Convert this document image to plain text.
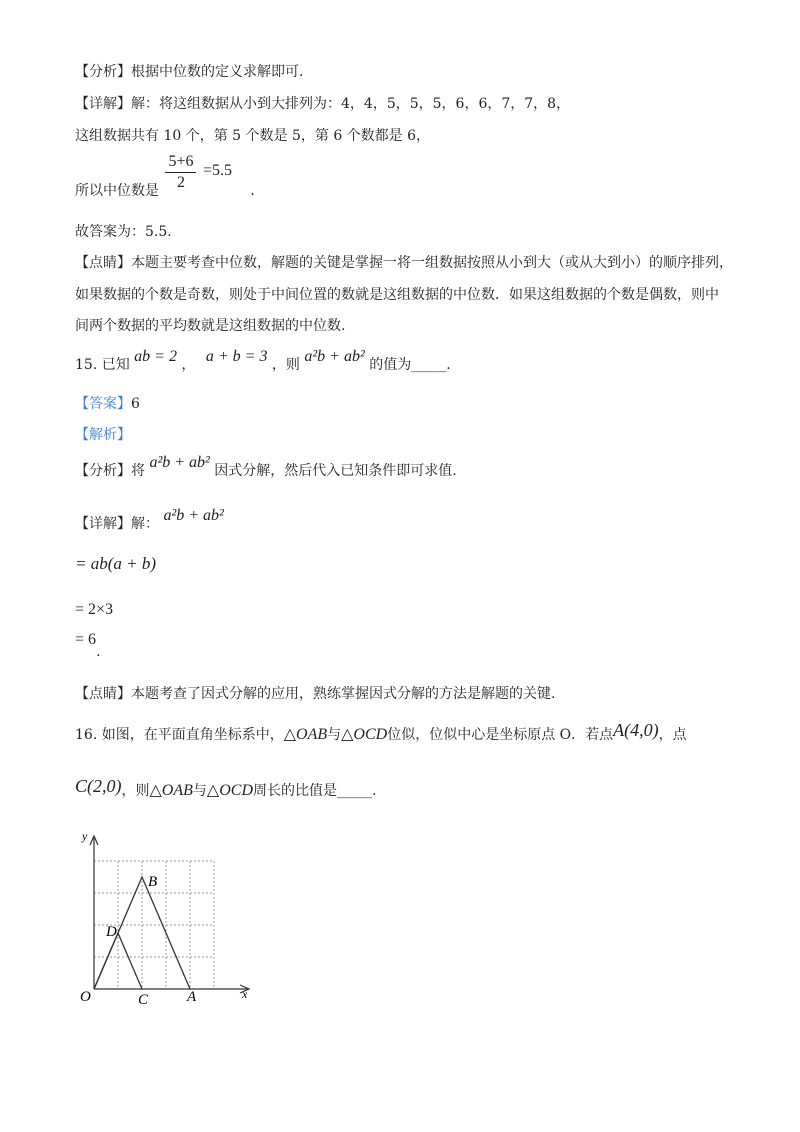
【分析】根据中位数的定义求解即可.
【详解】解：将这组数据从小到大排列为：4，4，5，5，5，6，6，7，7，8，
这组数据共有 10 个，第 5 个数是 5，第 6 个数都是 6，
所以中位数是 $\frac{5+6}{2} =5.5$ .
故答案为：5.5.
【点睛】本题主要考查中位数，解题的关键是掌握一将一组数据按照从小到大（或从大到小）的顺序排列，
如果数据的个数是奇数，则处于中间位置的数就是这组数据的中位数．如果这组数据的个数是偶数，则中
间两个数据的平均数就是这组数据的中位数.
15. 已知 ab = 2 ， a + b = 3 ，则 a²b + ab² 的值为_____.
【答案】6
【解析】
【分析】将 a²b + ab² 因式分解，然后代入已知条件即可求值.
【详解】解： a²b + ab²
= ab(a + b)
= 2×3
= 6.
【点睛】本题考查了因式分解的应用，熟练掌握因式分解的方法是解题的关键.
16. 如图，在平面直角坐标系中，△OAB与△OCD位似，位似中心是坐标原点 O．若点A(4,0)，点
C(2,0)，则△OAB与△OCD周长的比值是_____.
y
x
O	C	A
B
D
